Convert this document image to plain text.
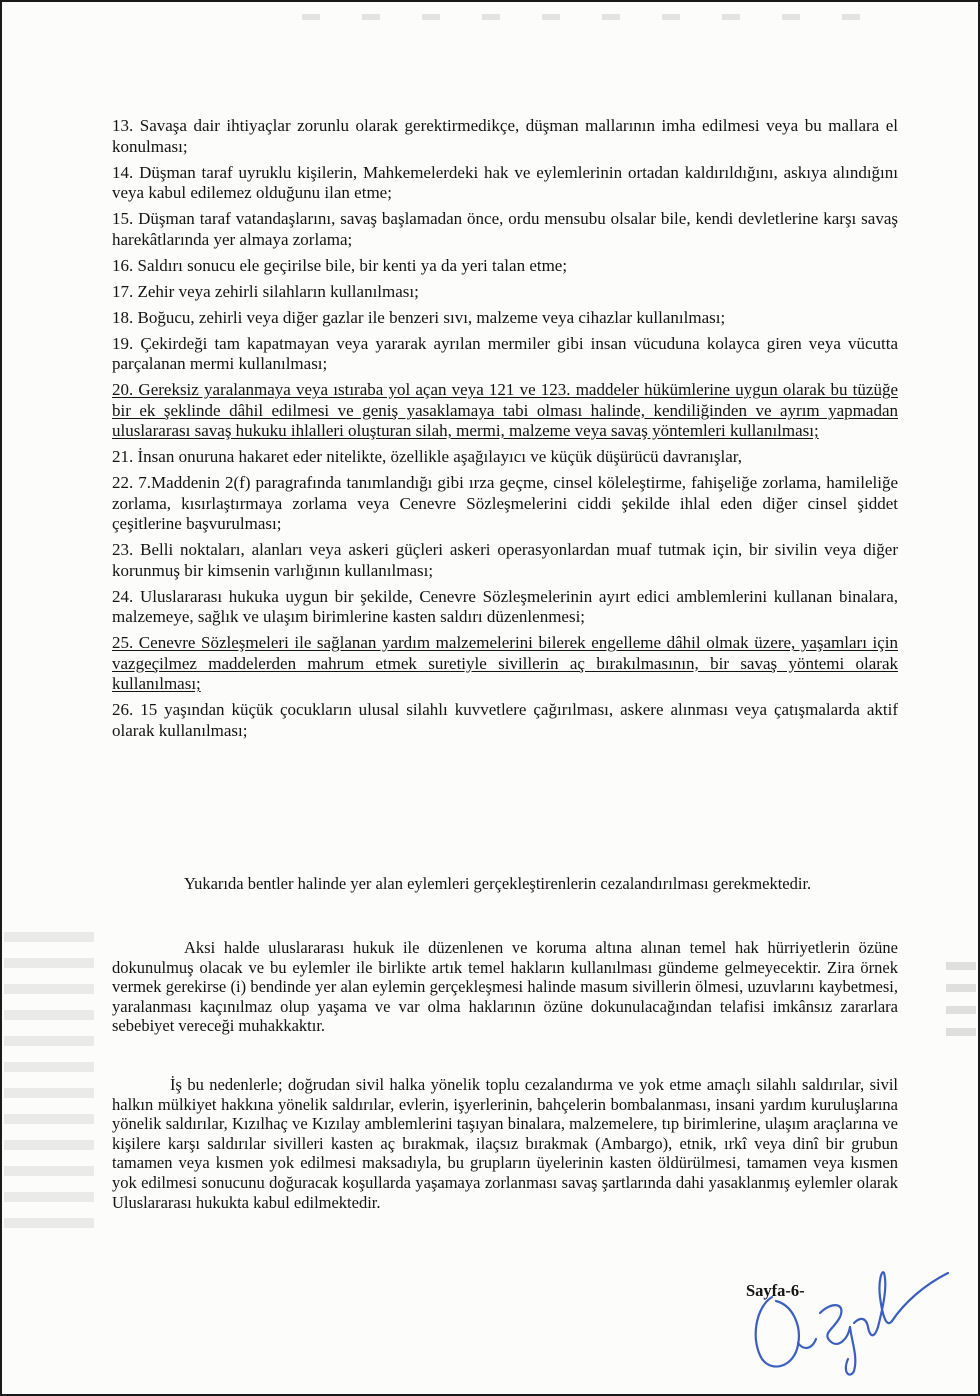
13. Savaşa dair ihtiyaçlar zorunlu olarak gerektirmedikçe, düşman mallarının imha edilmesi veya bu mallara el konulması;

14. Düşman taraf uyruklu kişilerin, Mahkemelerdeki hak ve eylemlerinin ortadan kaldırıldığını, askıya alındığını veya kabul edilemez olduğunu ilan etme;

15. Düşman taraf vatandaşlarını, savaş başlamadan önce, ordu mensubu olsalar bile, kendi devletlerine karşı savaş harekâtlarında yer almaya zorlama;

16. Saldırı sonucu ele geçirilse bile, bir kenti ya da yeri talan etme;

17. Zehir veya zehirli silahların kullanılması;

18. Boğucu, zehirli veya diğer gazlar ile benzeri sıvı, malzeme veya cihazlar kullanılması;

19. Çekirdeği tam kapatmayan veya yararak ayrılan mermiler gibi insan vücuduna kolayca giren veya vücutta parçalanan mermi kullanılması;

20. Gereksiz yaralanmaya veya ıstıraba yol açan veya 121 ve 123. maddeler hükümlerine uygun olarak bu tüzüğe bir ek şeklinde dâhil edilmesi ve geniş yasaklamaya tabi olması halinde, kendiliğinden ve ayrım yapmadan uluslararası savaş hukuku ihlalleri oluşturan silah, mermi, malzeme veya savaş yöntemleri kullanılması;

21. İnsan onuruna hakaret eder nitelikte, özellikle aşağılayıcı ve küçük düşürücü davranışlar,

22. 7.Maddenin 2(f) paragrafında tanımlandığı gibi ırza geçme, cinsel köleleştirme, fahişeliğe zorlama, hamileliğe zorlama, kısırlaştırmaya zorlama veya Cenevre Sözleşmelerini ciddi şekilde ihlal eden diğer cinsel şiddet çeşitlerine başvurulması;

23. Belli noktaları, alanları veya askeri güçleri askeri operasyonlardan muaf tutmak için, bir sivilin veya diğer korunmuş bir kimsenin varlığının kullanılması;

24. Uluslararası hukuka uygun bir şekilde, Cenevre Sözleşmelerinin ayırt edici amblemlerini kullanan binalara, malzemeye, sağlık ve ulaşım birimlerine kasten saldırı düzenlenmesi;

25. Cenevre Sözleşmeleri ile sağlanan yardım malzemelerini bilerek engelleme dâhil olmak üzere, yaşamları için vazgeçilmez maddelerden mahrum etmek suretiyle sivillerin aç bırakılmasının, bir savaş yöntemi olarak kullanılması;

26. 15 yaşından küçük çocukların ulusal silahlı kuvvetlere çağırılması, askere alınması veya çatışmalarda aktif olarak kullanılması;

Yukarıda bentler halinde yer alan eylemleri gerçekleştirenlerin cezalandırılması gerekmektedir.

Aksi halde uluslararası hukuk ile düzenlenen ve koruma altına alınan temel hak hürriyetlerin özüne dokunulmuş olacak ve bu eylemler ile birlikte artık temel hakların kullanılması gündeme gelmeyecektir. Zira örnek vermek gerekirse (i) bendinde yer alan eylemin gerçekleşmesi halinde masum sivillerin ölmesi, uzuvlarını kaybetmesi, yaralanması kaçınılmaz olup yaşama ve var olma haklarının özüne dokunulacağından telafisi imkânsız zararlara sebebiyet vereceği muhakkaktır.

İş bu nedenlerle; doğrudan sivil halka yönelik toplu cezalandırma ve yok etme amaçlı silahlı saldırılar, sivil halkın mülkiyet hakkına yönelik saldırılar, evlerin, işyerlerinin, bahçelerin bombalanması, insani yardım kuruluşlarına yönelik saldırılar, Kızılhaç ve Kızılay amblemlerini taşıyan binalara, malzemelere, tıp birimlerine, ulaşım araçlarına ve kişilere karşı saldırılar sivilleri kasten aç bırakmak, ilaçsız bırakmak (Ambargo), etnik, ırkî veya dinî bir grubun tamamen veya kısmen yok edilmesi maksadıyla, bu grupların üyelerinin kasten öldürülmesi, tamamen veya kısmen yok edilmesi sonucunu doğuracak koşullarda yaşamaya zorlanması savaş şartlarında dahi yasaklanmış eylemler olarak Uluslararası hukukta kabul edilmektedir.

Sayfa-6-
